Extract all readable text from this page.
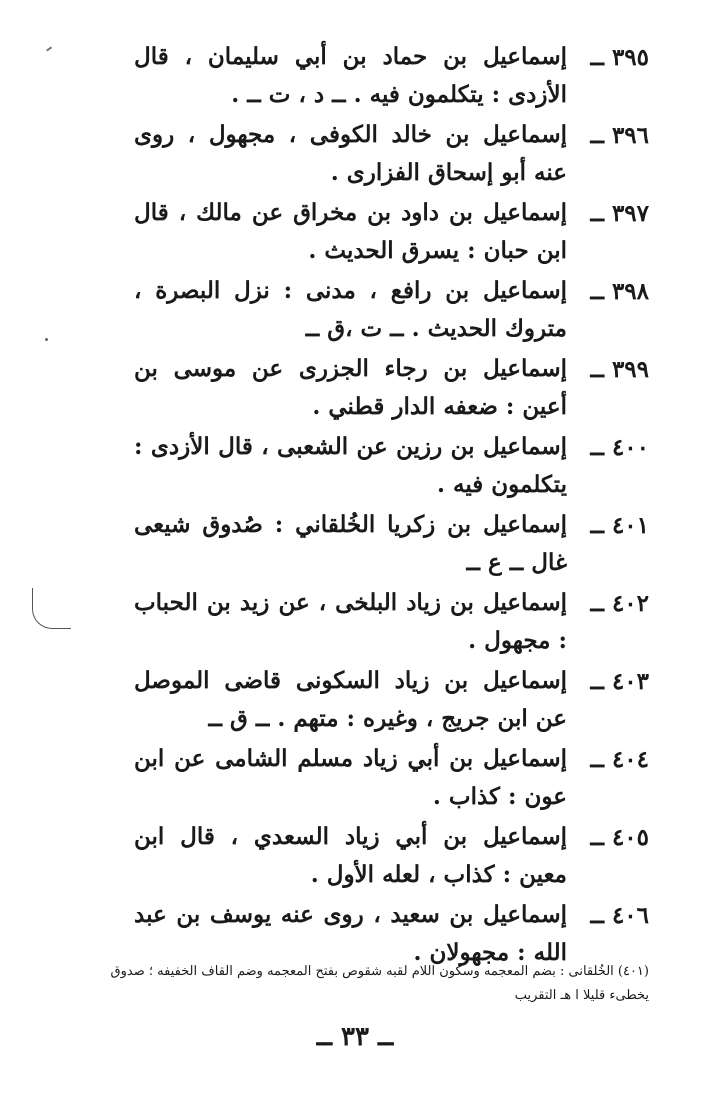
٣٩٥ ــ
إسماعيل بن حماد بن أبي سليمان ، قال الأزدى : يتكلمون فيه . ــ د ، ت ــ .
٣٩٦ ــ
إسماعيل بن خالد الكوفى ، مجهول ، روى عنه أبو إسحاق الفزارى .
٣٩٧ ــ
إسماعيل بن داود بن مخراق عن مالك ، قال ابن حبان : يسرق الحديث .
٣٩٨ ــ
إسماعيل بن رافع ، مدنى : نزل البصرة ، متروك الحديث . ــ ت ،ق ــ
٣٩٩ ــ
إسماعيل بن رجاء الجزرى عن موسى بن أعين : ضعفه الدار قطني .
٤٠٠ ــ
إسماعيل بن رزين عن الشعبى ، قال الأزدى : يتكلمون فيه .
٤٠١ ــ
إسماعيل بن زكريا الخُلقاني : صُدوق شيعى غال ــ ع ــ
٤٠٢ ــ
إسماعيل بن زياد البلخى ، عن زيد بن الحباب : مجهول .
٤٠٣ ــ
إسماعيل بن زياد السكونى قاضى الموصل عن ابن جريج ، وغيره : متهم . ــ ق ــ
٤٠٤ ــ
إسماعيل بن أبي زياد مسلم الشامى عن ابن عون : كذاب .
٤٠٥ ــ
إسماعيل بن أبي زياد السعدي ، قال ابن معين : كذاب ، لعله الأول .
٤٠٦ ــ
إسماعيل بن سعيد ، روى عنه يوسف بن عبد الله : مجهولان .
(٤٠١) الخُلقانى : بضم المعجمه وسكون اللام لقبه شقوص بفتح المعجمه وضم القاف الخفيفه ؛ صدوق يخطىء قليلا ا هـ التقريب
ــ ٣٣ ــ
